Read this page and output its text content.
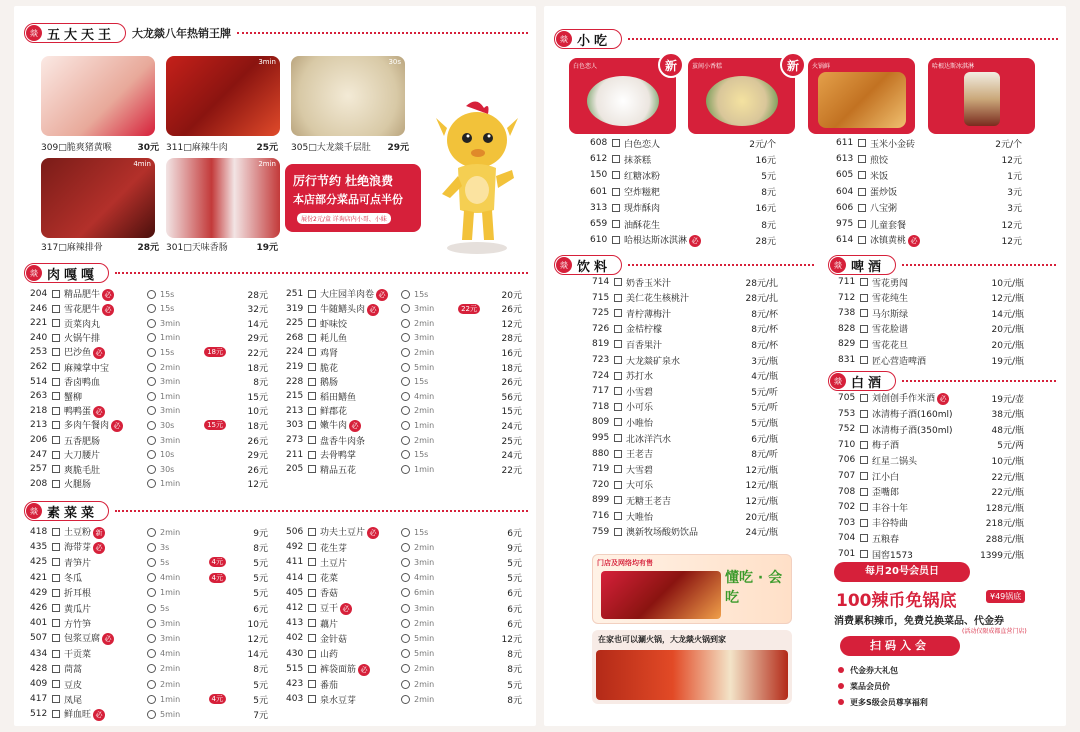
燚 五大天王 大龙燚八年热销王牌
309□脆爽猪黄喉	30元
3min
311□麻辣牛肉	25元
30s
305□大龙燚千层肚 29元
4min
317□麻辣排骨	28元
2min
301□天味香肠	19元
厉行节约 杜绝浪费
本店部分菜品可点半份
展份2元/盒 详询店内小哥、小妹
燚 肉嘎嘎
204	精品肥牛 必	15s	28元
246	雪花肥牛 必	15s	32元
221	贡菜肉丸	3min	14元
240	火锅午排	1min	29元
253	巴沙鱼 必	15s	18元	22元
262	麻辣掌中宝	2min	18元
514	香卤鸭血	3min	8元
263	蟹柳	1min	15元
218	鸭鸭蛋 必	3min	10元
213	多肉午餐肉 必	30s	15元	18元
206	五香肥肠	3min	26元
247	大刀腰片	10s	29元
257	爽脆毛肚	30s	26元
208	火腿肠	1min	12元
251	大庄园羊肉卷 必	15s	20元
319	牛随鳝头肉 必	3min	22元	26元
225	虾味饺	2min	12元
268	耗儿鱼	3min	28元
224	鸡肾	2min	16元
219	脆花	5min	18元
228	鹅肠	15s	26元
215	稻田鳝鱼	4min	56元
213	鲜郡花	2min	15元
303	嫩牛肉 必	1min	24元
273	盘香牛肉条	2min	25元
211	去骨鸭掌	15s	24元
205	精品五花	1min	22元
燚 素菜菜
418	土豆粉 新	2min	9元
435	海带芽 必	3s	8元
425	青笋片	5s	4元	5元
421	冬瓜	4min	4元	5元
429	折耳根	1min	5元
426	黄瓜片	5s	6元
401	方竹笋	3min	10元
507	包浆豆腐 必	3min	12元
434	干贡菜	4min	14元
428	茼蒿	2min	8元
409	豆皮	2min	5元
417	凤尾	1min	4元	5元
512	鲜血旺 必	5min	7元
506	功夫土豆片 必	15s	6元
492	花生芽	2min	9元
411	土豆片	3min	5元
414	花菜	4min	5元
405	香菇	6min	6元
412	豆干 必	3min	6元
413	藕片	2min	6元
402	金针菇	5min	12元
430	山药	5min	8元
515	裤袋面筋 必	2min	8元
423	番茄	2min	5元
403	泉水豆芽	2min	8元
燚 小吃
白色恋人	新	茧间小香糕	新	火锅鲜	哈根达斯冰淇淋
608	白色恋人	2元/个
612	抹茶糕	16元
150	红糖冰粉	5元
601	空炸糍粑	8元
313	现炸酥肉	16元
659	油酥花生	8元
610	哈根达斯冰淇淋 必	28元
611	玉米小金砖	2元/个
613	煎饺	12元
605	米饭	1元
604	蛋炒饭	3元
606	八宝粥	3元
975	儿童套餐	12元
614	冰镇黄桃 必	12元
燚 饮料
714	奶香玉米汁	28元/扎
715	美仁花生核桃汁	28元/扎
725	青柠薄梅汁	8元/杯
726	金桔柠檬	8元/杯
819	百香果汁	8元/杯
723	大龙燚矿泉水	3元/瓶
724	苏打水	4元/瓶
717	小雪碧	5元/听
718	小可乐	5元/听
809	小唯怡	5元/瓶
995	北冰洋汽水	6元/瓶
880	王老吉	8元/听
719	大雪碧	12元/瓶
720	大可乐	12元/瓶
899	无糖王老吉	12元/瓶
716	大唯怡	20元/瓶
759	澳新牧场酸奶饮品	24元/瓶
燚 啤酒
711	雪花勇闯	10元/瓶
712	雪花纯生	12元/瓶
738	马尔斯绿	14元/瓶
828	雪花脸谱	20元/瓶
829	雪花花旦	20元/瓶
831	匠心营造啤酒	19元/瓶
燚 白酒
705	刘创创手作米酒 必	19元/壶
753	冰清梅子酒(160ml)	38元/瓶
752	冰清梅子酒(350ml)	48元/瓶
710	梅子酒	5元/两
706	红星二锅头	10元/瓶
707	江小白	22元/瓶
708	歪嘴郎	22元/瓶
702	丰谷十年	128元/瓶
703	丰谷特曲	218元/瓶
704	五粮春	288元/瓶
701	国窖1573	1399元/瓶
门店及网络均有售
懂吃 · 会吃
在家也可以涮火锅，大龙燚火锅到家
每月20号会员日
100辣币免锅底	¥49锅底
消费累积辣币，免费兑换菜品、代金券
(活动仅限成都直营门店)
扫码入会
代金券大礼包
菜品会员价
更多S级会员尊享福利
